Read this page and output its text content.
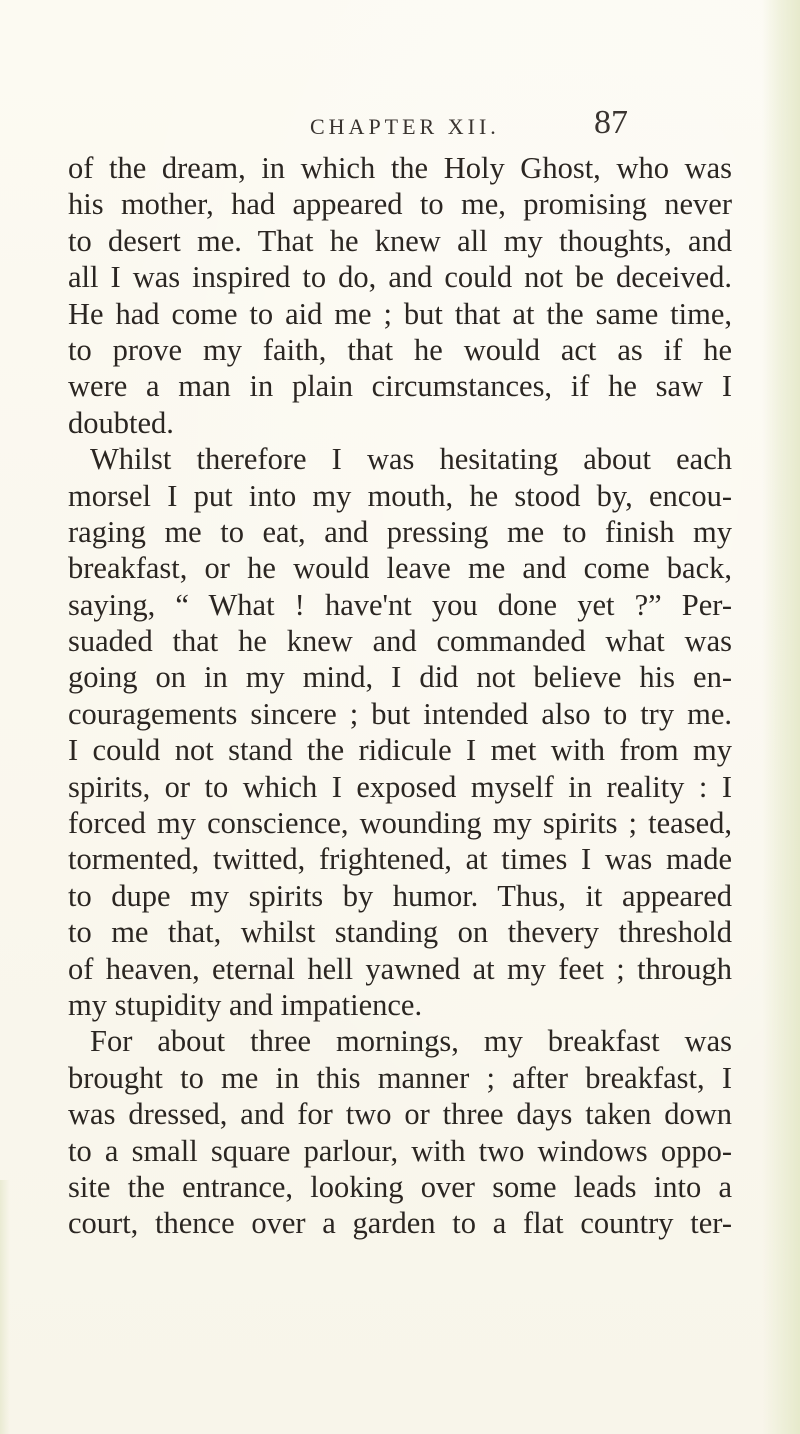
CHAPTER XII.	87
of the dream, in which the Holy Ghost, who was
his mother, had appeared to me, promising never
to desert me. That he knew all my thoughts, and
all I was inspired to do, and could not be deceived.
He had come to aid me ; but that at the same time,
to prove my faith, that he would act as if he
were a man in plain circumstances, if he saw I
doubted.
Whilst therefore I was hesitating about each
morsel I put into my mouth, he stood by, encou-
raging me to eat, and pressing me to finish my
breakfast, or he would leave me and come back,
saying, “ What ! have'nt you done yet ?” Per-
suaded that he knew and commanded what was
going on in my mind, I did not believe his en-
couragements sincere ; but intended also to try me.
I could not stand the ridicule I met with from my
spirits, or to which I exposed myself in reality : I
forced my conscience, wounding my spirits ; teased,
tormented, twitted, frightened, at times I was made
to dupe my spirits by humor. Thus, it appeared
to me that, whilst standing on thevery threshold
of heaven, eternal hell yawned at my feet ; through
my stupidity and impatience.
For about three mornings, my breakfast was
brought to me in this manner ; after breakfast, I
was dressed, and for two or three days taken down
to a small square parlour, with two windows oppo-
site the entrance, looking over some leads into a
court, thence over a garden to a flat country ter-
